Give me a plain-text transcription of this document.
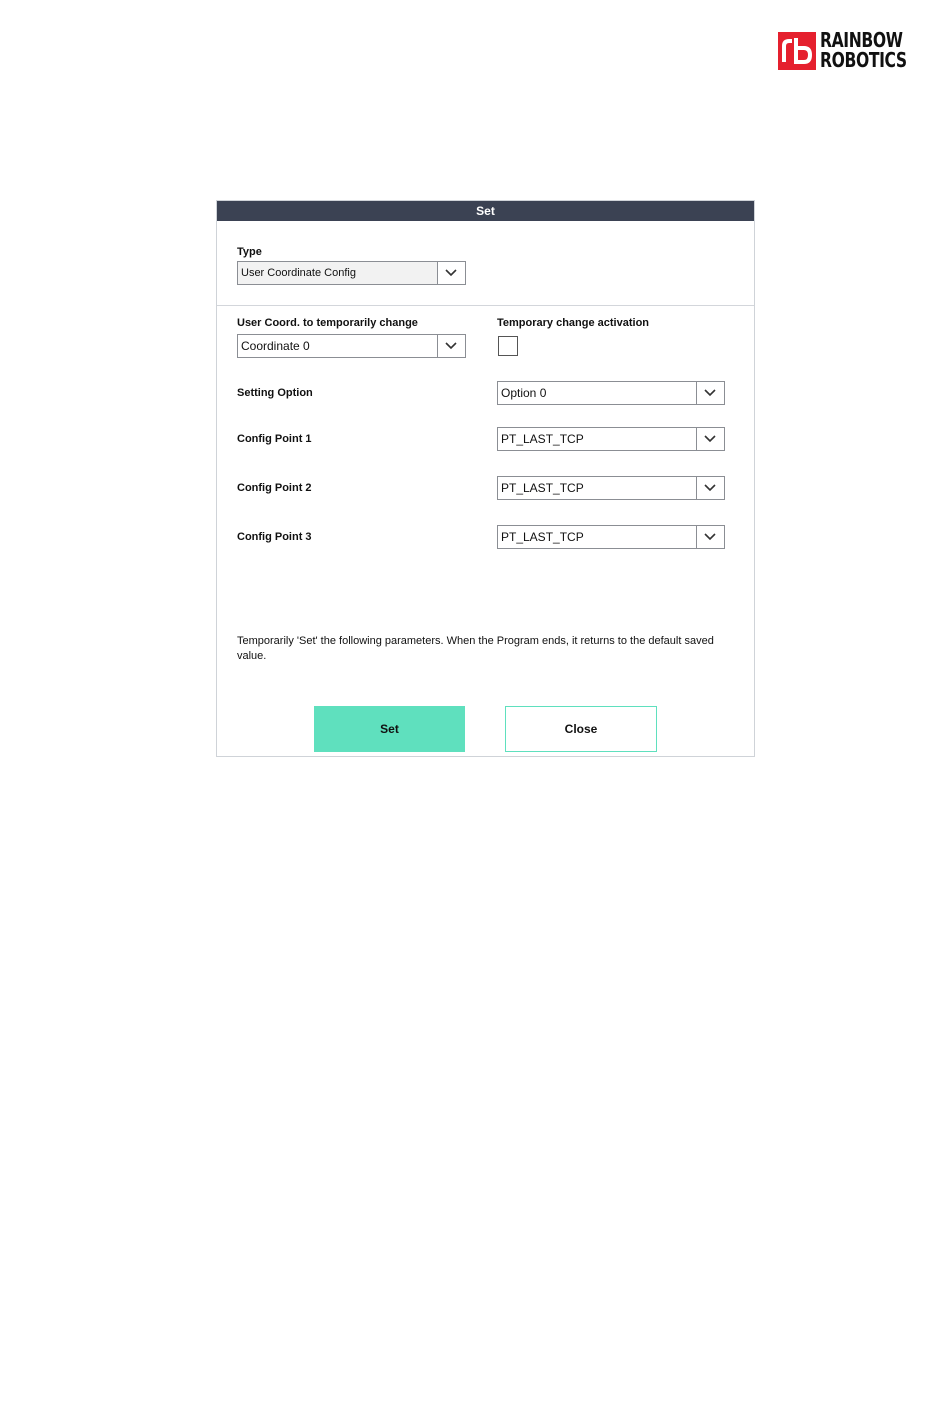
RAINBOW
ROBOTICS
Set
Type
User Coordinate Config
User Coord. to temporarily change
Coordinate 0
Temporary change activation
Setting Option	Option 0
Config Point 1	PT_LAST_TCP
Config Point 2	PT_LAST_TCP
Config Point 3	PT_LAST_TCP
Temporarily 'Set' the following parameters. When the Program ends, it returns to the default saved value.
Set	Close
